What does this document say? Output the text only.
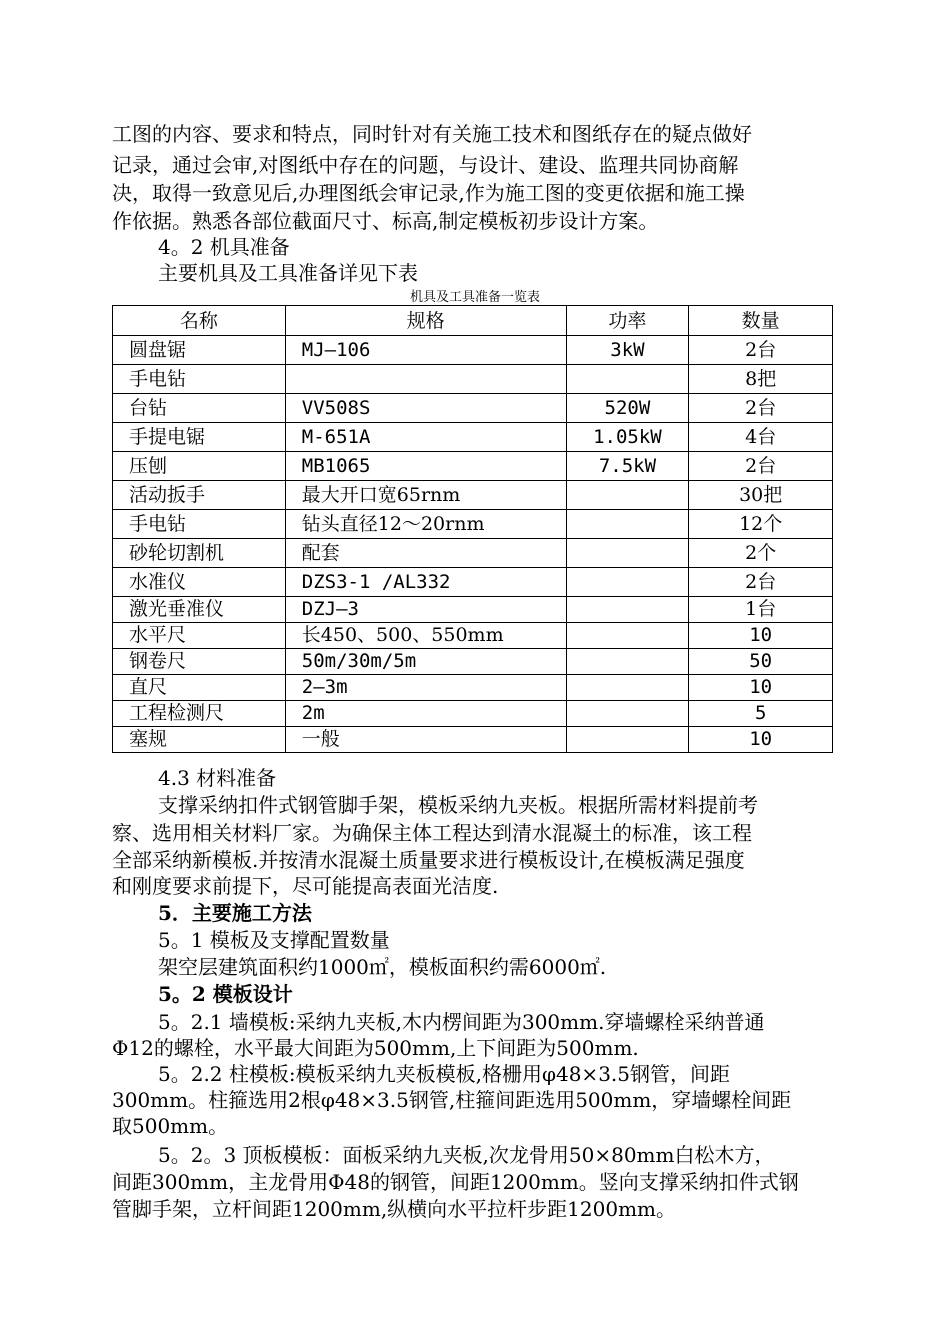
工图的内容、要求和特点，同时针对有关施工技术和图纸存在的疑点做好
记录，通过会审,对图纸中存在的问题，与设计、建设、监理共同协商解
决，取得一致意见后,办理图纸会审记录,作为施工图的变更依据和施工操
作依据。熟悉各部位截面尺寸、标高,制定模板初步设计方案。
4。2 机具准备
主要机具及工具准备详见下表
机具及工具准备一览表
名称	规格	功率	数量
圆盘锯	MJ—106	3kW	2台
手电钻			8把
台钻	VV508S	520W	2台
手提电锯	M-651A	1.05kW	4台
压刨	MB1065	7.5kW	2台
活动扳手	最大开口宽65rnm		30把
手电钻	钻头直径12～20rnm		12个
砂轮切割机	配套		2个
水准仪	DZS3-1 /AL332		2台
激光垂准仪	DZJ—3		1台
水平尺	长450、500、550mm		10
钢卷尺	50m/30m/5m		50
直尺	2—3m		10
工程检测尺	2m		5
塞规	一般		10
4.3 材料准备
支撑采纳扣件式钢管脚手架，模板采纳九夹板。根据所需材料提前考
察、选用相关材料厂家。为确保主体工程达到清水混凝土的标准，该工程
全部采纳新模板.并按清水混凝土质量要求进行模板设计,在模板满足强度
和刚度要求前提下，尽可能提高表面光洁度.
5．主要施工方法
5。1 模板及支撑配置数量
架空层建筑面积约1000㎡，模板面积约需6000㎡.
5。2 模板设计
5。2.1 墙模板:采纳九夹板,木内楞间距为300mm.穿墙螺栓采纳普通
Φ12的螺栓，水平最大间距为500mm,上下间距为500mm.
5。2.2 柱模板:模板采纳九夹板模板,格栅用φ48×3.5钢管，间距
300mm。柱箍选用2根φ48×3.5钢管,柱箍间距选用500mm，穿墙螺栓间距
取500mm。
5。2。3 顶板模板：面板采纳九夹板,次龙骨用50×80mm白松木方，
间距300mm，主龙骨用Φ48的钢管，间距1200mm。竖向支撑采纳扣件式钢
管脚手架，立杆间距1200mm,纵横向水平拉杆步距1200mm。
